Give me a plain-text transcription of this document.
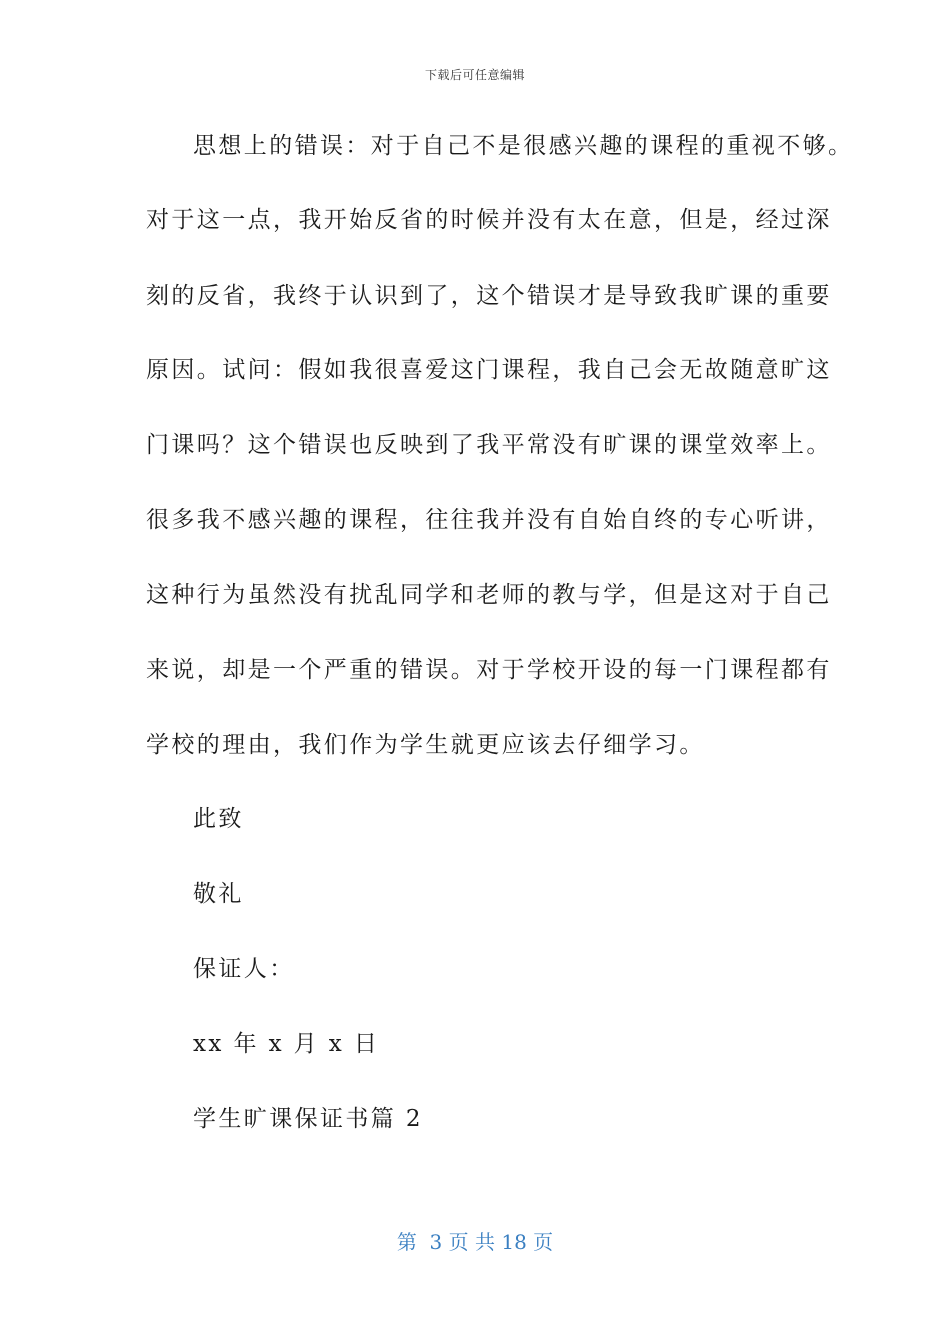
下载后可任意编辑
思想上的错误：对于自己不是很感兴趣的课程的重视不够。
对于这一点，我开始反省的时候并没有太在意，但是，经过深
刻的反省，我终于认识到了，这个错误才是导致我旷课的重要
原因。试问：假如我很喜爱这门课程，我自己会无故随意旷这
门课吗？这个错误也反映到了我平常没有旷课的课堂效率上。
很多我不感兴趣的课程，往往我并没有自始自终的专心听讲，
这种行为虽然没有扰乱同学和老师的教与学，但是这对于自己
来说，却是一个严重的错误。对于学校开设的每一门课程都有
学校的理由，我们作为学生就更应该去仔细学习。
此致
敬礼
保证人：
xx 年 x 月 x 日
学生旷课保证书篇 2
第  3 页 共 18 页
